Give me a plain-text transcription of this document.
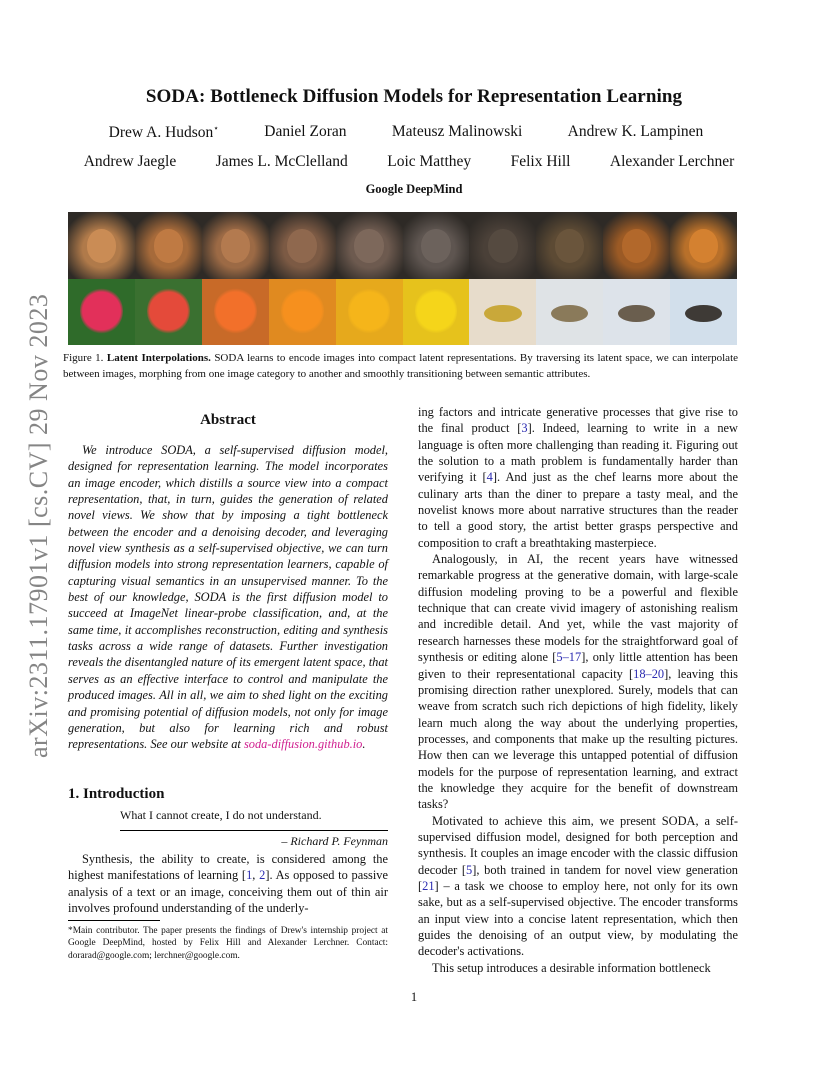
SODA: Bottleneck Diffusion Models for Representation Learning
Drew A. Hudson⋆	Daniel Zoran	Mateusz Malinowski	Andrew K. Lampinen
Andrew Jaegle	James L. McClelland	Loic Matthey	Felix Hill	Alexander Lerchner
Google DeepMind
arXiv:2311.17901v1 [cs.CV] 29 Nov 2023 Figure 1. Latent Interpolations. SODA learns to encode images into compact latent representations. By traversing its latent space, we can interpolate between images, morphing from one image category to another and smoothly transitioning between semantic attributes.
Abstract

We introduce SODA, a self-supervised diffusion model, designed for representation learning. The model incorporates an image encoder, which distills a source view into a compact representation, that, in turn, guides the generation of related novel views. We show that by imposing a tight bottleneck between the encoder and a denoising decoder, and leveraging novel view synthesis as a self-supervised objective, we can turn diffusion models into strong representation learners, capable of capturing visual semantics in an unsupervised manner. To the best of our knowledge, SODA is the first diffusion model to succeed at ImageNet linear-probe classification, and, at the same time, it accomplishes reconstruction, editing and synthesis tasks across a wide range of datasets. Further investigation reveals the disentangled nature of its emergent latent space, that serves as an effective interface to control and manipulate the produced images. All in all, we aim to shed light on the exciting and promising potential of diffusion models, not only for image generation, but also for learning rich and robust representations. See our website at soda-diffusion.github.io.

1. Introduction
What I cannot create, I do not understand.
– Richard P. Feynman

Synthesis, the ability to create, is considered among the highest manifestations of learning [1, 2]. As opposed to passive analysis of a text or an image, conceiving them out of thin air involves profound understanding of the underly-

*Main contributor. The paper presents the findings of Drew's internship project at Google DeepMind, hosted by Felix Hill and Alexander Lerchner. Contact: dorarad@google.com; lerchner@google.com.

ing factors and intricate generative processes that give rise to the final product [3]. Indeed, learning to write in a new language is often more challenging than reading it. Figuring out the solution to a math problem is fundamentally harder than verifying it [4]. And just as the chef learns more about the culinary arts than the diner to prepare a tasty meal, and the novelist knows more about narrative structures than the reader to tell a good story, the artist better grasps perspective and composition to craft a breathtaking masterpiece.

Analogously, in AI, the recent years have witnessed remarkable progress at the generative domain, with large-scale diffusion modeling proving to be a powerful and flexible technique that can create vivid imagery of astonishing realism and incredible detail. And yet, while the vast majority of research harnesses these models for the straightforward goal of synthesis or editing alone [5–17], only little attention has been given to their representational capacity [18–20], leaving this promising direction rather unexplored. Surely, models that can weave from scratch such rich depictions of high fidelity, likely learn much along the way about the underlying properties, processes, and components that make up the resulting pictures. How then can we leverage this untapped potential of diffusion models for the purpose of representation learning, and extract the knowledge they acquire for the benefit of downstream tasks?

Motivated to achieve this aim, we present SODA, a self-supervised diffusion model, designed for both perception and synthesis. It couples an image encoder with the classic diffusion decoder [5], both trained in tandem for novel view generation [21] – a task we choose to employ here, not only for its own sake, but as a self-supervised objective. The encoder transforms an input view into a concise latent representation, which then guides the denoising of an output view, by modulating the decoder's activations.

This setup introduces a desirable information bottleneck

1
